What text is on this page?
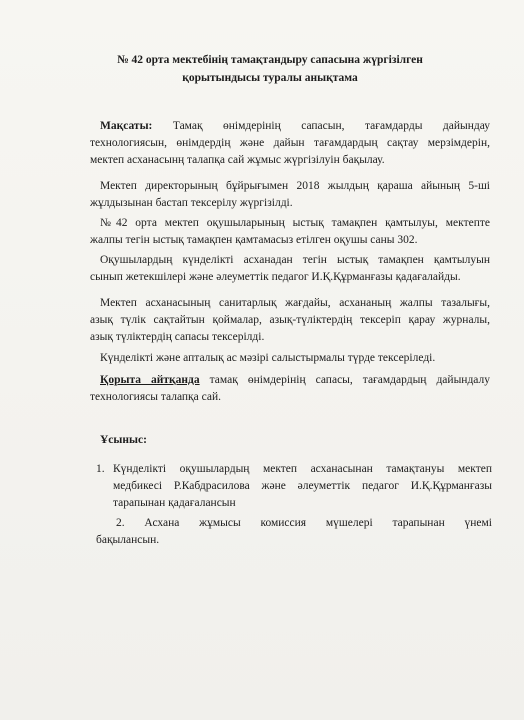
№ 42 орта мектебінің тамақтандыру сапасына жүргізілген
қорытындысы туралы анықтама
Мақсаты: Тамақ өнімдерінің сапасын, тағамдарды дайындау
технологиясын, өнімдердің және дайын тағамдардың сақтау мерзімдерін,
мектеп асханасынң талапқа сай жұмыс жүргізілуін бақылау.
Мектеп директорының бұйрығымен 2018 жылдың қараша айының 5-ші
жұлдызынан бастап тексерілу жүргізілді.
№42 орта мектеп оқушыларының ыстық тамақпен қамтылуы, мектепте
жалпы тегін ыстық тамақпен қамтамасыз етілген оқушы саны 302.
Оқушылардың күнделікті асханадан тегін ыстық тамақпен қамтылуын
сынып жетекшілері және әлеуметтік педагог И.Қ.Құрманғазы қадағалайды.
Мектеп асханасының санитарлық жағдайы, асхананың жалпы тазалығы,
азық түлік сақтайтын қоймалар, азық-түліктердің тексеріп қарау журналы,
азық түліктердің сапасы тексерілді.
Күнделікті және апталық ас мәзірі салыстырмалы түрде тексеріледі.
Қорыта айтқанда тамақ өнімдерінің сапасы, тағамдардың дайындалу
технологиясы талапқа сай.
Ұсыныс:
1. Күнделікті оқушылардың мектеп асханасынан тамақтануы мектеп
медбикесі Р.Кабдрасилова және әлеуметтік педагог И.Қ.Құрманғазы
тарапынан қадағалансын
2. Асхана жұмысы комиссия мүшелері тарапынан үнемі
бақылансын.
